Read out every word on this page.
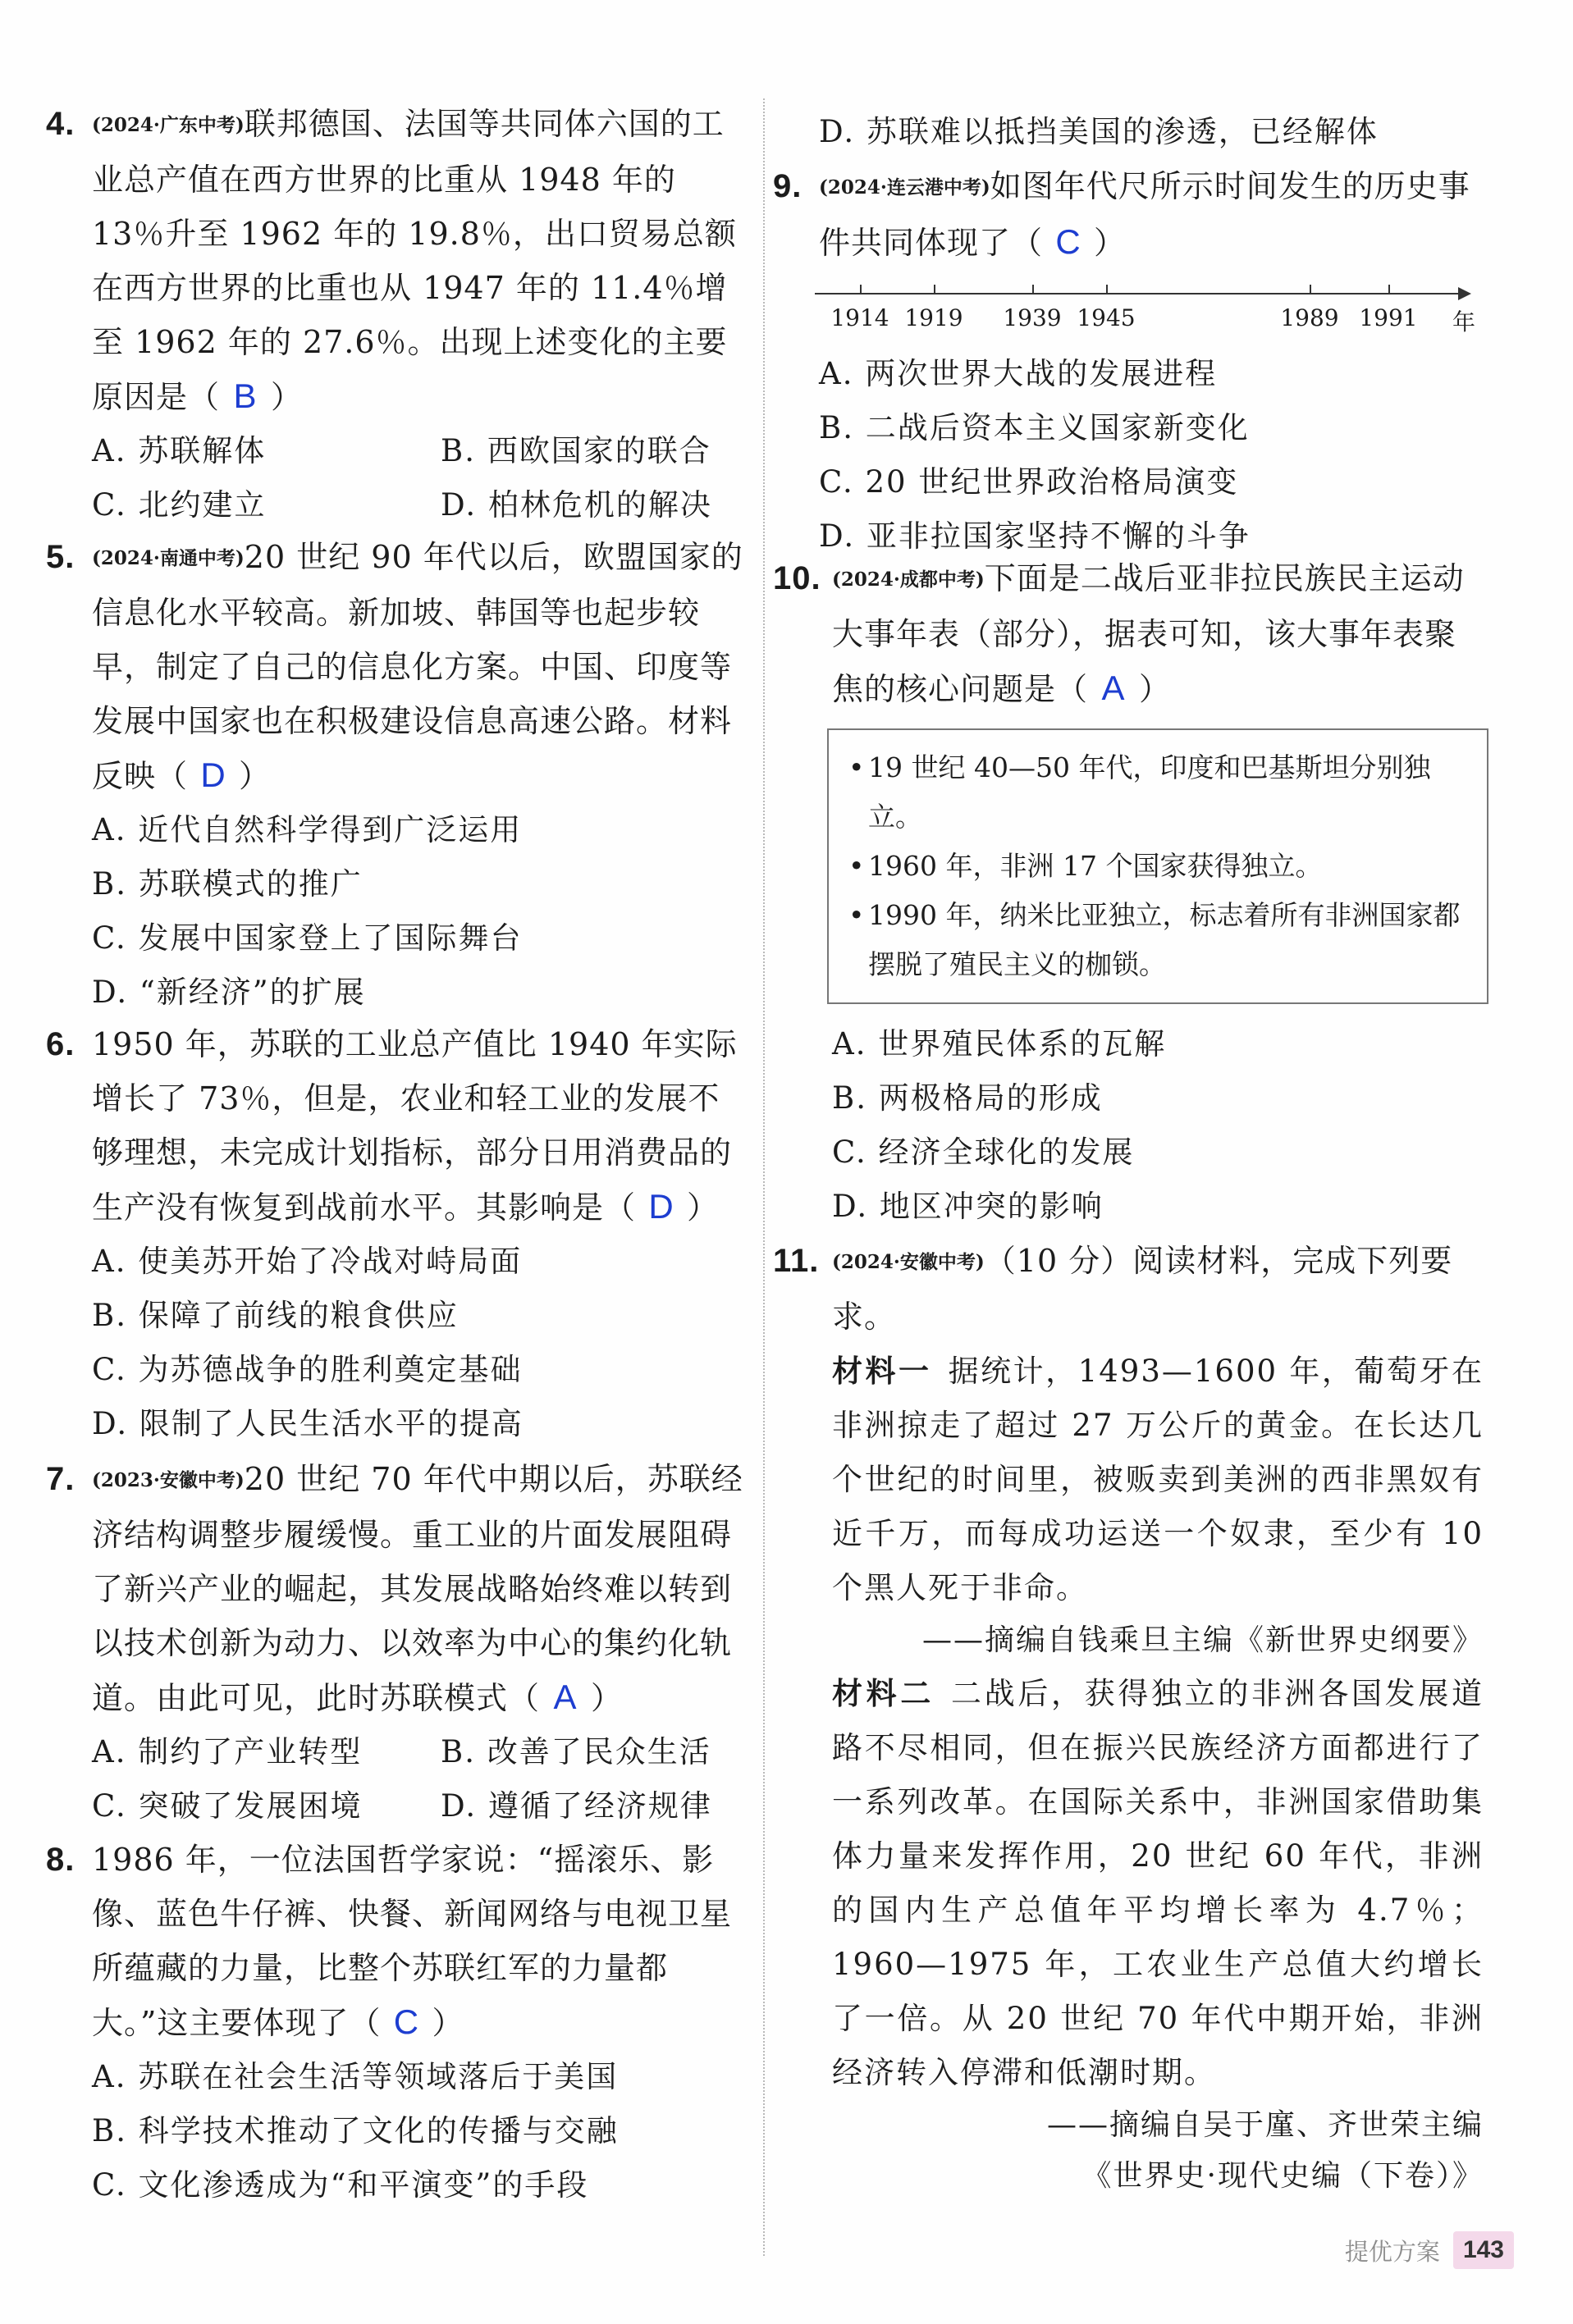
4. (2024·广东中考)联邦德国、法国等共同体六国的工业总产值在西方世界的比重从 1948 年的 13％升至 1962 年的 19.8％，出口贸易总额在西方世界的比重也从 1947 年的 11.4％增至 1962 年的 27.6％。出现上述变化的主要原因是（ B ）
A. 苏联解体	B. 西欧国家的联合
C. 北约建立	D. 柏林危机的解决
5. (2024·南通中考)20 世纪 90 年代以后，欧盟国家的信息化水平较高。新加坡、韩国等也起步较早，制定了自己的信息化方案。中国、印度等发展中国家也在积极建设信息高速公路。材料反映（ D ）
A. 近代自然科学得到广泛运用
B. 苏联模式的推广
C. 发展中国家登上了国际舞台
D. “新经济”的扩展
6. 1950 年，苏联的工业总产值比 1940 年实际增长了 73％，但是，农业和轻工业的发展不够理想，未完成计划指标，部分日用消费品的生产没有恢复到战前水平。其影响是（ D ）
A. 使美苏开始了冷战对峙局面
B. 保障了前线的粮食供应
C. 为苏德战争的胜利奠定基础
D. 限制了人民生活水平的提高
7. (2023·安徽中考)20 世纪 70 年代中期以后，苏联经济结构调整步履缓慢。重工业的片面发展阻碍了新兴产业的崛起，其发展战略始终难以转到以技术创新为动力、以效率为中心的集约化轨道。由此可见，此时苏联模式（ A ）
A. 制约了产业转型	B. 改善了民众生活
C. 突破了发展困境	D. 遵循了经济规律
8. 1986 年，一位法国哲学家说：“摇滚乐、影像、蓝色牛仔裤、快餐、新闻网络与电视卫星所蕴藏的力量，比整个苏联红军的力量都大。”这主要体现了（ C ）
A. 苏联在社会生活等领域落后于美国
B. 科学技术推动了文化的传播与交融
C. 文化渗透成为“和平演变”的手段
D. 苏联难以抵挡美国的渗透，已经解体
9. (2024·连云港中考)如图年代尺所示时间发生的历史事件共同体现了（ C ）
1914 1919 1939 1945	1989 1991 年
A. 两次世界大战的发展进程
B. 二战后资本主义国家新变化
C. 20 世纪世界政治格局演变
D. 亚非拉国家坚持不懈的斗争
10. (2024·成都中考)下面是二战后亚非拉民族民主运动大事年表（部分），据表可知，该大事年表聚焦的核心问题是（ A ）
• 19 世纪 40—50 年代，印度和巴基斯坦分别独立。
• 1960 年，非洲 17 个国家获得独立。
• 1990 年，纳米比亚独立，标志着所有非洲国家都摆脱了殖民主义的枷锁。
A. 世界殖民体系的瓦解
B. 两极格局的形成
C. 经济全球化的发展
D. 地区冲突的影响
11. (2024·安徽中考)（10 分）阅读材料，完成下列要求。
材料一 据统计，1493—1600 年，葡萄牙在非洲掠走了超过 27 万公斤的黄金。在长达几个世纪的时间里，被贩卖到美洲的西非黑奴有近千万，而每成功运送一个奴隶，至少有 10 个黑人死于非命。
——摘编自钱乘旦主编《新世界史纲要》
材料二 二战后，获得独立的非洲各国发展道路不尽相同，但在振兴民族经济方面都进行了一系列改革。在国际关系中，非洲国家借助集体力量来发挥作用，20 世纪 60 年代，非洲的国内生产总值年平均增长率为 4.7％；1960—1975 年，工农业生产总值大约增长了一倍。从 20 世纪 70 年代中期开始，非洲经济转入停滞和低潮时期。
——摘编自吴于廑、齐世荣主编
《世界史·现代史编（下卷）》
提优方案 143
